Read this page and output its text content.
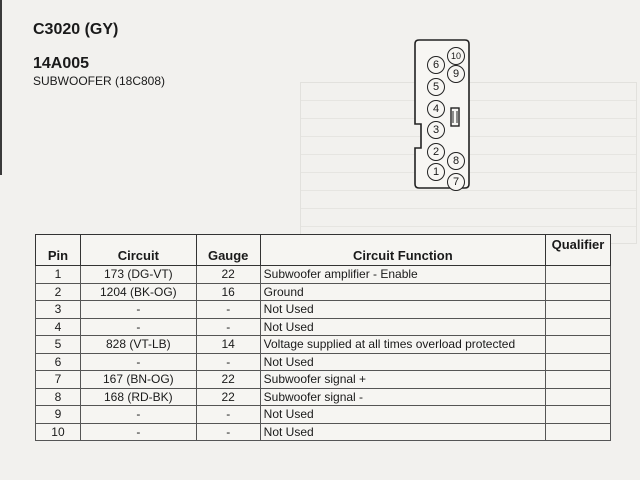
C3020 (GY)
14A005
SUBWOOFER (18C808)
10
6
9
5
4
3
2
8
1
7
Pin	Circuit	Gauge	Circuit Function	Qualifier
1	173 (DG-VT)	22	Subwoofer amplifier - Enable	
2	1204 (BK-OG)	16	Ground	
3	-	-	Not Used	
4	-	-	Not Used	
5	828 (VT-LB)	14	Voltage supplied at all times overload protected	
6	-	-	Not Used	
7	167 (BN-OG)	22	Subwoofer signal +	
8	168 (RD-BK)	22	Subwoofer signal -	
9	-	-	Not Used	
10	-	-	Not Used	
